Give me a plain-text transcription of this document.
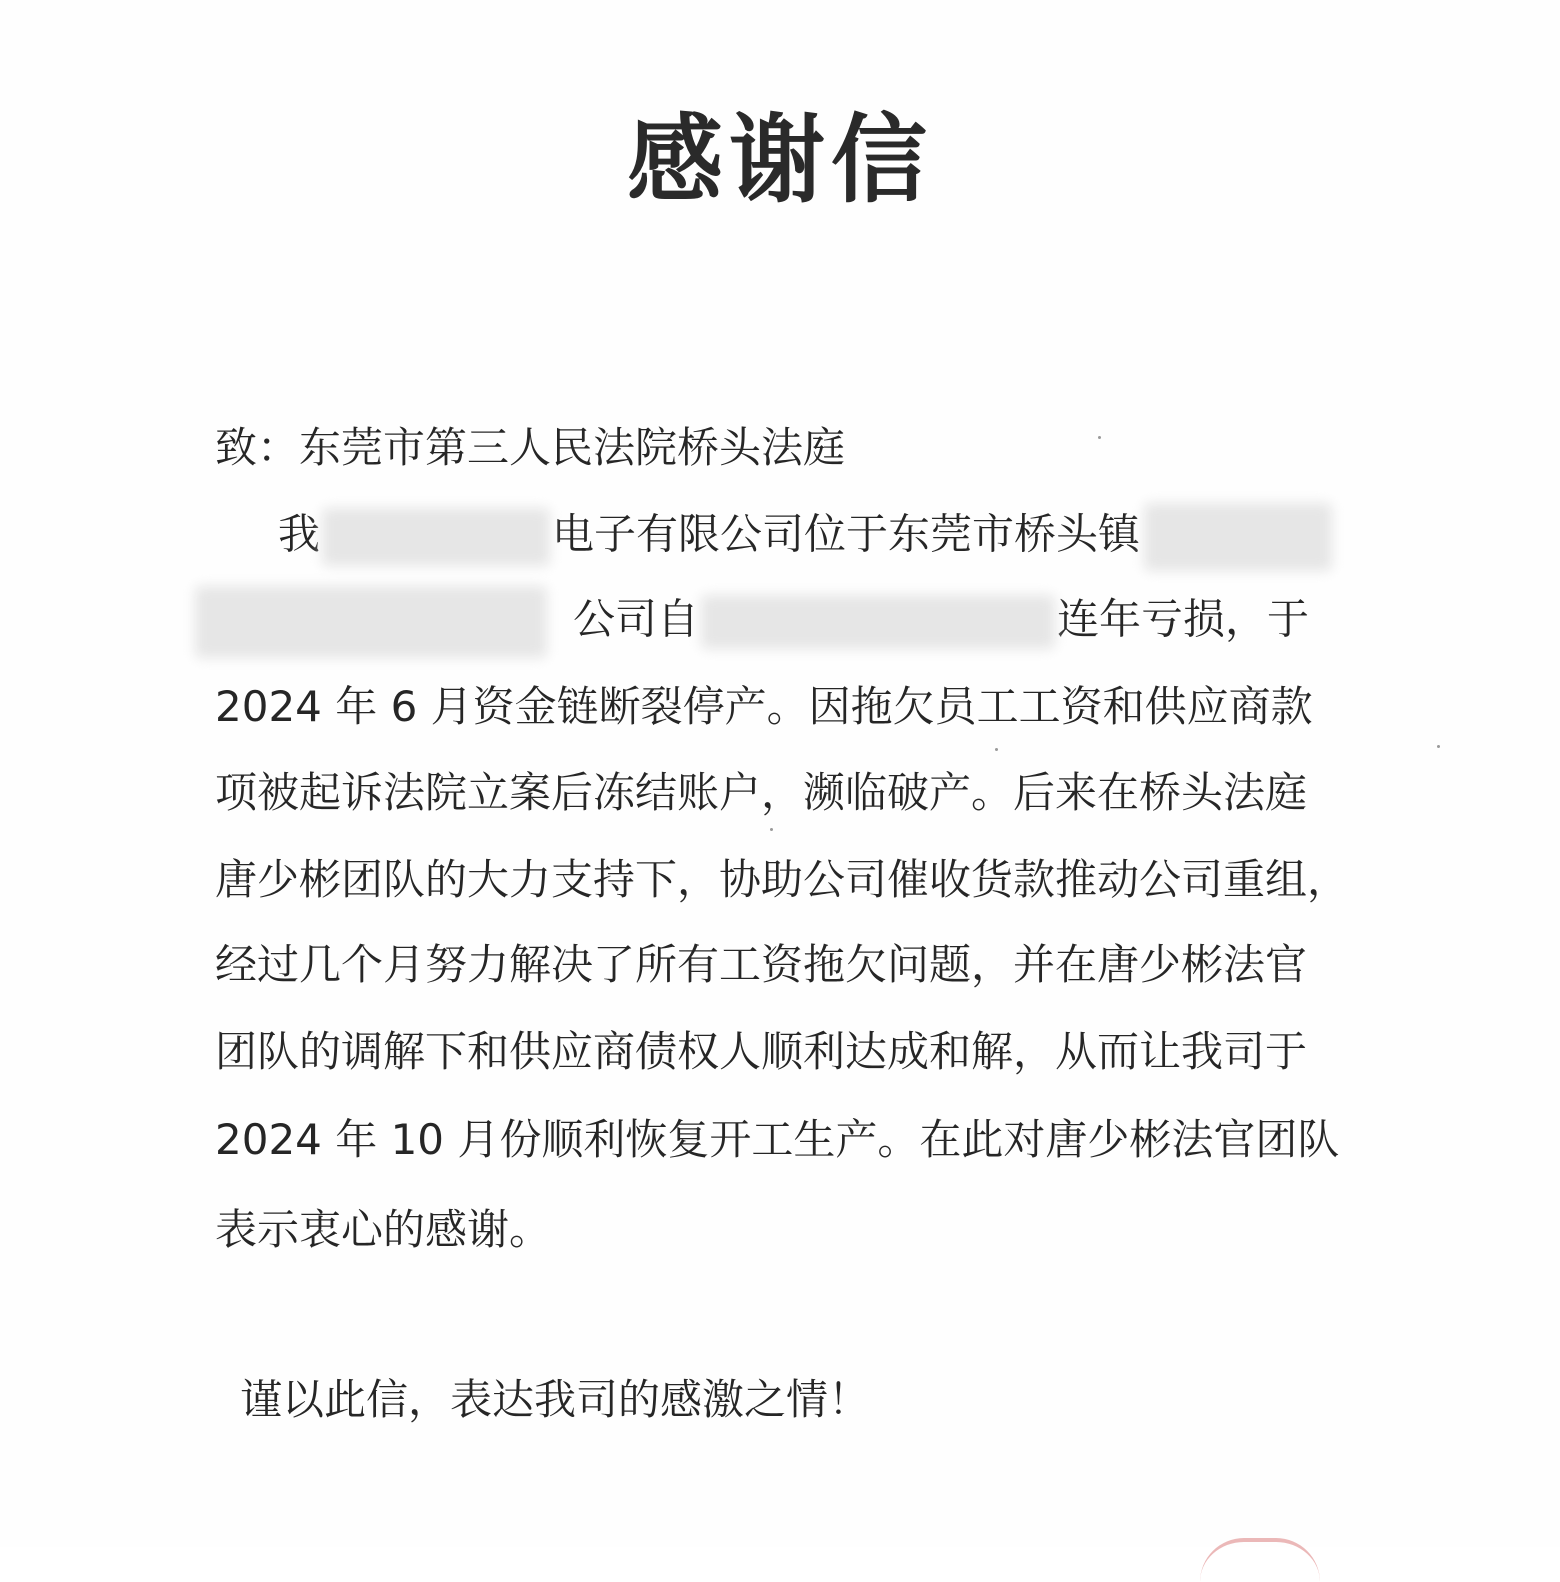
感谢信
致：东莞市第三人民法院桥头法庭
我	电子有限公司位于东莞市桥头镇
公司自	连年亏损，于
2024 年 6 月资金链断裂停产。因拖欠员工工资和供应商款
项被起诉法院立案后冻结账户，濒临破产。后来在桥头法庭
唐少彬团队的大力支持下，协助公司催收货款推动公司重组，
经过几个月努力解决了所有工资拖欠问题，并在唐少彬法官
团队的调解下和供应商债权人顺利达成和解，从而让我司于
2024 年 10 月份顺利恢复开工生产。在此对唐少彬法官团队
表示衷心的感谢。
谨以此信，表达我司的感激之情！
